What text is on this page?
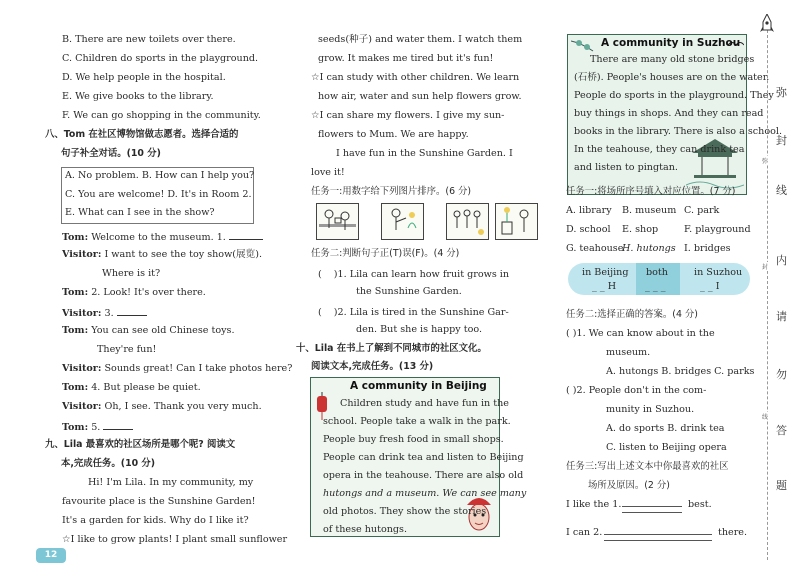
B. There are new toilets over there.
C. Children do sports in the playground.
D. We help people in the hospital.
E. We give books to the library.
F. We can go shopping in the community.
八、Tom 在社区博物馆做志愿者。选择合适的
句子补全对话。(10 分)
A. No problem. B. How can I help you?
C. You are welcome! D. It's in Room 2.
E. What can I see in the show?
Tom: Welcome to the museum. 1.
Visitor: I want to see the toy show(展览).
Where is it?
Tom: 2. Look! It's over there.
Visitor: 3.
Tom: You can see old Chinese toys.
They're fun!
Visitor: Sounds great! Can I take photos here?
Tom: 4. But please be quiet.
Visitor: Oh, I see. Thank you very much.
Tom: 5.
九、Lila 最喜欢的社区场所是哪个呢? 阅读文
本,完成任务。(10 分)
Hi! I'm Lila. In my community, my
favourite place is the Sunshine Garden!
It's a garden for kids. Why do I like it?
☆I like to grow plants! I plant small sunflower
12
seeds(种子) and water them. I watch them
grow. It makes me tired but it's fun!
☆I can study with other children. We learn
how air, water and sun help flowers grow.
☆I can share my flowers. I give my sun-
flowers to Mum. We are happy.
I have fun in the Sunshine Garden. I
love it!
任务一:用数字给下列图片排序。(6 分)
任务二:判断句子正(T)误(F)。(4 分)
( )1. Lila can learn how fruit grows in
the Sunshine Garden.
( )2. Lila is tired in the Sunshine Gar-
den. But she is happy too.
十、Lila 在书上了解到不同城市的社区文化。
阅读文本,完成任务。(13 分)
A community in Beijing
Children study and have fun in the
school. People take a walk in the park.
People buy fresh food in small shops.
People can drink tea and listen to Beijing
opera in the teahouse. There are also old
hutongs and a museum. We can see many
old photos. They show the stories
of these hutongs.
A community in Suzhou
There are many old stone bridges
(石桥). People's houses are on the water.
People do sports in the playground. They
buy things in shops. And they can read
books in the library. There is also a school.
In the teahouse, they can drink tea
and listen to pingtan.
任务一:将场所序号填入对应位置。(7 分)
A. library B. museum C. park
D. school E. shop	F. playground
G. teahouse
H. hutongs I. bridges
in Beijing both	in Suzhou
_ _ H	_ _ _	_ _ I
任务二:选择正确的答案。(4 分)
( )1. We can know about in the
museum.
A. hutongs B. bridges C. parks
( )2. People don't in the com-
munity in Suzhou.
A. do sports B. drink tea
C. listen to Beijing opera
任务三:写出上述文本中你最喜欢的社区
场所及原因。(2 分)
I like the 1.	best.
I can 2.	there.
弥
封
线
内
请
勿
答
题
弥
封
线
